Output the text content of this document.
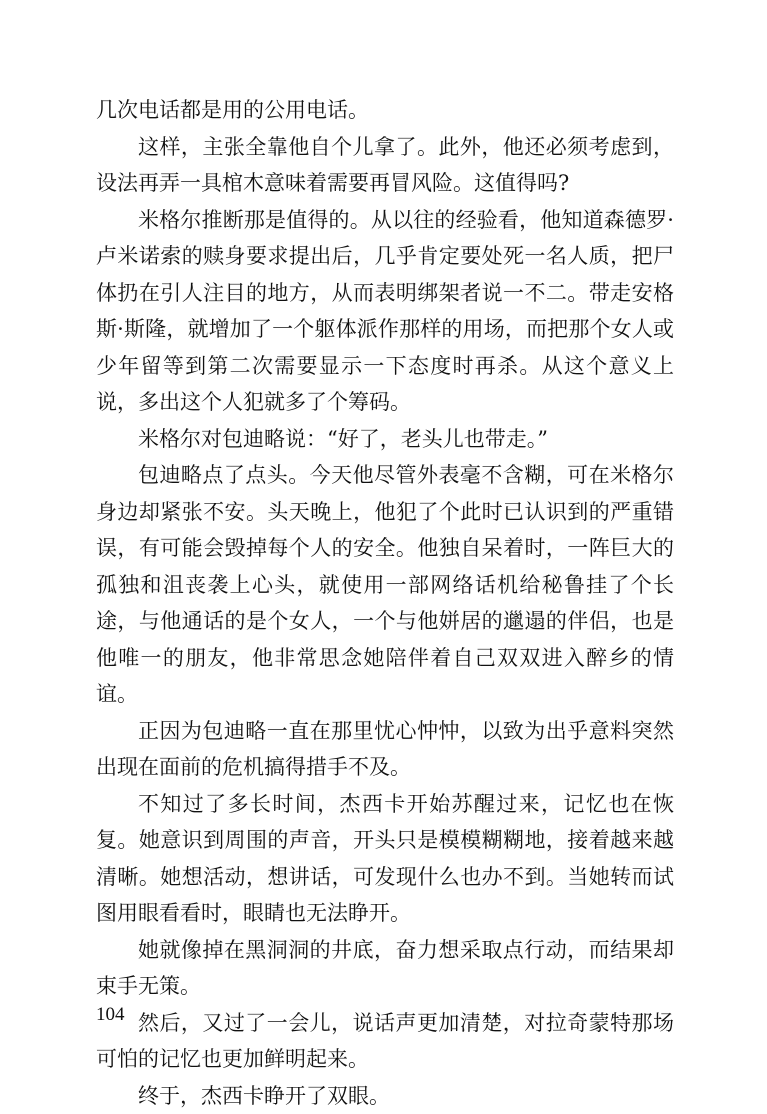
几次电话都是用的公用电话。

这样，主张全靠他自个儿拿了。此外，他还必须考虑到，设法再弄一具棺木意味着需要再冒风险。这值得吗?

米格尔推断那是值得的。从以往的经验看，他知道森德罗·卢米诺索的赎身要求提出后，几乎肯定要处死一名人质，把尸体扔在引人注目的地方，从而表明绑架者说一不二。带走安格斯·斯隆，就增加了一个躯体派作那样的用场，而把那个女人或少年留等到第二次需要显示一下态度时再杀。从这个意义上说，多出这个人犯就多了个筹码。

米格尔对包迪略说：“好了，老头儿也带走。”

包迪略点了点头。今天他尽管外表毫不含糊，可在米格尔身边却紧张不安。头天晚上，他犯了个此时已认识到的严重错误，有可能会毁掉每个人的安全。他独自呆着时，一阵巨大的孤独和沮丧袭上心头，就使用一部网络话机给秘鲁挂了个长途，与他通话的是个女人，一个与他姘居的邋遢的伴侣，也是他唯一的朋友，他非常思念她陪伴着自己双双进入醉乡的情谊。

正因为包迪略一直在那里忧心忡忡，以致为出乎意料突然出现在面前的危机搞得措手不及。

不知过了多长时间，杰西卡开始苏醒过来，记忆也在恢复。她意识到周围的声音，开头只是模模糊糊地，接着越来越清晰。她想活动，想讲话，可发现什么也办不到。当她转而试图用眼看看时，眼睛也无法睁开。

她就像掉在黑洞洞的井底，奋力想采取点行动，而结果却束手无策。

然后，又过了一会儿，说话声更加清楚，对拉奇蒙特那场可怕的记忆也更加鲜明起来。

终于，杰西卡睁开了双眼。

104
